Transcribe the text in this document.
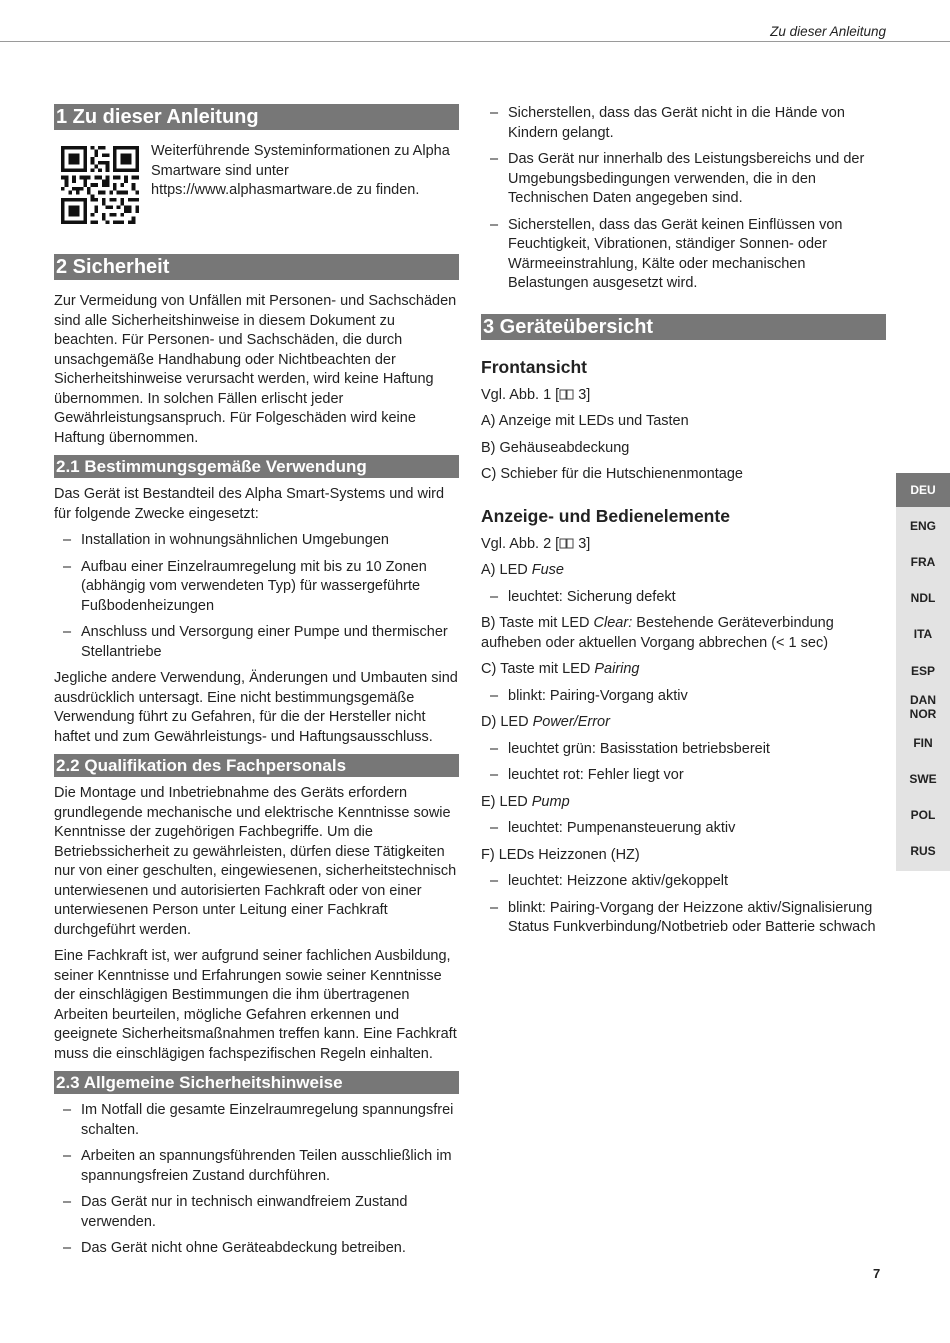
Zu dieser Anleitung
1 Zu dieser Anleitung
Weiterführende Systeminformationen zu Alpha Smartware sind unter https://www.alphasmartware.de zu finden.
2 Sicherheit

Zur Vermeidung von Unfällen mit Personen- und Sachschäden sind alle Sicherheitshinweise in diesem Dokument zu beachten. Für Personen- und Sachschäden, die durch unsachgemäße Handhabung oder Nichtbeachten der Sicherheitshinweise verursacht werden, wird keine Haftung übernommen. In solchen Fällen erlischt jeder Gewährleistungsanspruch. Für Folgeschäden wird keine Haftung übernommen.

2.1 Bestimmungsgemäße Verwendung

Das Gerät ist Bestandteil des Alpha Smart-Systems und wird für folgende Zwecke eingesetzt:

– Installation in wohnungsähnlichen Umgebungen
– Aufbau einer Einzelraumregelung mit bis zu 10 Zonen (abhängig vom verwendeten Typ) für wassergeführte Fußbodenheizungen
– Anschluss und Versorgung einer Pumpe und thermischer Stellantriebe

Jegliche andere Verwendung, Änderungen und Umbauten sind ausdrücklich untersagt. Eine nicht bestimmungsgemäße Verwendung führt zu Gefahren, für die der Hersteller nicht haftet und zum Gewährleistungs- und Haftungsausschluss.

2.2 Qualifikation des Fachpersonals

Die Montage und Inbetriebnahme des Geräts erfordern grundlegende mechanische und elektrische Kenntnisse sowie Kenntnisse der zugehörigen Fachbegriffe. Um die Betriebssicherheit zu gewährleisten, dürfen diese Tätigkeiten nur von einer geschulten, eingewiesenen, sicherheitstechnisch unterwiesenen und autorisierten Fachkraft oder von einer unterwiesenen Person unter Leitung einer Fachkraft durchgeführt werden.

Eine Fachkraft ist, wer aufgrund seiner fachlichen Ausbildung, seiner Kenntnisse und Erfahrungen sowie seiner Kenntnisse der einschlägigen Bestimmungen die ihm übertragenen Arbeiten beurteilen, mögliche Gefahren erkennen und geeignete Sicherheitsmaßnahmen treffen kann. Eine Fachkraft muss die einschlägigen fachspezifischen Regeln einhalten.

2.3 Allgemeine Sicherheitshinweise
– Im Notfall die gesamte Einzelraumregelung spannungsfrei schalten.
– Arbeiten an spannungsführenden Teilen ausschließlich im spannungsfreien Zustand durchführen.
– Das Gerät nur in technisch einwandfreiem Zustand verwenden.
– Das Gerät nicht ohne Geräteabdeckung betreiben.
– Sicherstellen, dass das Gerät nicht in die Hände von Kindern gelangt.
– Das Gerät nur innerhalb des Leistungsbereichs und der Umgebungsbedingungen verwenden, die in den Technischen Daten angegeben sind.
– Sicherstellen, dass das Gerät keinen Einflüssen von Feuchtigkeit, Vibrationen, ständiger Sonnen- oder Wärmeeinstrahlung, Kälte oder mechanischen Belastungen ausgesetzt wird.
3 Geräteübersicht
Frontansicht
Vgl. Abb. 1 [ 3]
A) Anzeige mit LEDs und Tasten
B) Gehäuseabdeckung
C) Schieber für die Hutschienenmontage
Anzeige- und Bedienelemente
Vgl. Abb. 2 [ 3]
A) LED Fuse
– leuchtet: Sicherung defekt
B) Taste mit LED Clear: Bestehende Geräteverbindung aufheben oder aktuellen Vorgang abbrechen (< 1 sec)
C) Taste mit LED Pairing
– blinkt: Pairing-Vorgang aktiv
D) LED Power/Error
– leuchtet grün: Basisstation betriebsbereit
– leuchtet rot: Fehler liegt vor
E) LED Pump
– leuchtet: Pumpenansteuerung aktiv
F) LEDs Heizzonen (HZ)
– leuchtet: Heizzone aktiv/gekoppelt
– blinkt: Pairing-Vorgang der Heizzone aktiv/Signalisierung Status Funkverbindung/Notbetrieb oder Batterie schwach
DEU
ENG
FRA
NDL
ITA
ESP
DAN NOR
FIN
SWE
POL
RUS
7
